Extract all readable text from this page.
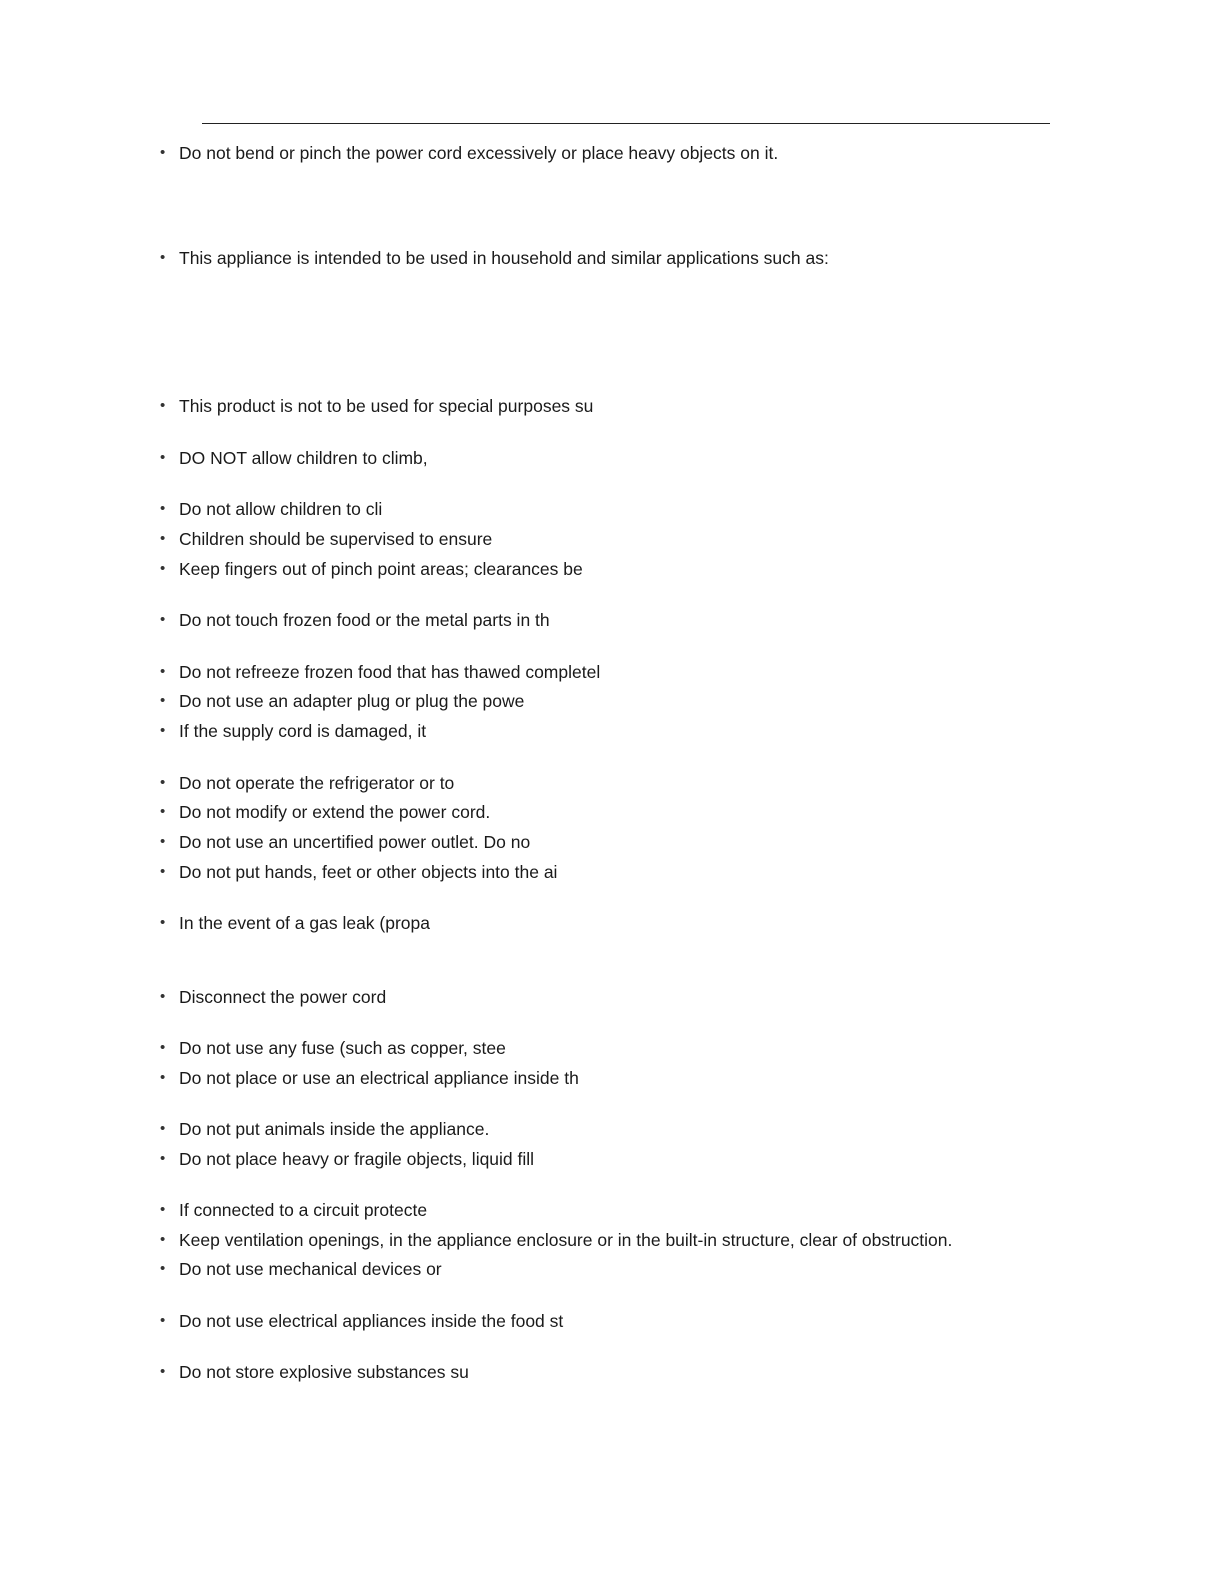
• Do not bend or pinch the power cord excessively or place heavy objects on it.
• This appliance is intended to be used in household and similar applications such as:
• This product is not to be used for special purposes su
• DO NOT allow children to climb,
• Do not allow children to cli
• Children should be supervised to ensure
• Keep fingers out of pinch point areas; clearances be
• Do not touch frozen food or the metal parts in th
• Do not refreeze frozen food that has thawed completel
• Do not use an adapter plug or plug the powe
• If the supply cord is damaged, it
• Do not operate the refrigerator or to
• Do not modify or extend the power cord.
• Do not use an uncertified power outlet. Do no
• Do not put hands, feet or other objects into the ai
• In the event of a gas leak (propa
• Disconnect the power cord
• Do not use any fuse (such as copper, stee
• Do not place or use an electrical appliance inside th
• Do not put animals inside the appliance.
• Do not place heavy or fragile objects, liquid fill
• If connected to a circuit protecte
• Keep ventilation openings, in the appliance enclosure or in the built-in structure, clear of obstruction.
• Do not use mechanical devices or
• Do not use electrical appliances inside the food st
• Do not store explosive substances su
